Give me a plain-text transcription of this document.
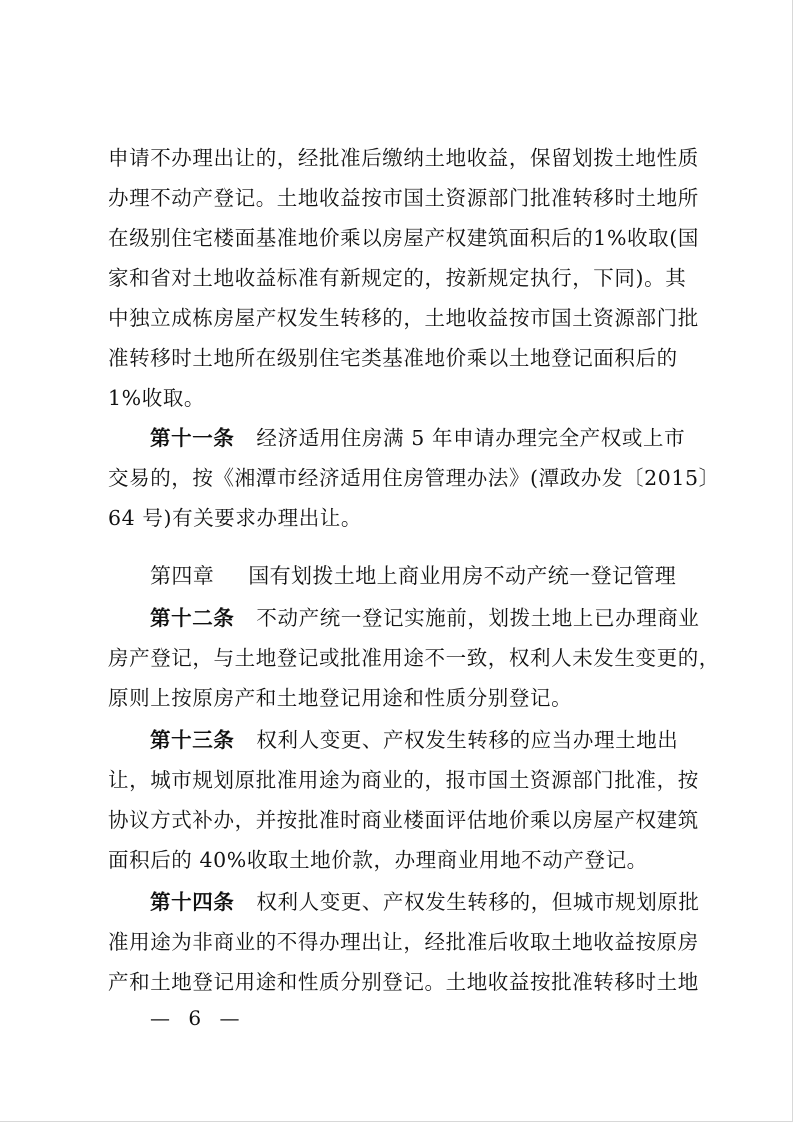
申请不办理出让的，经批准后缴纳土地收益，保留划拨土地性质
办理不动产登记。土地收益按市国土资源部门批准转移时土地所
在级别住宅楼面基准地价乘以房屋产权建筑面积后的1%收取(国
家和省对土地收益标准有新规定的，按新规定执行，下同)。其
中独立成栋房屋产权发生转移的，土地收益按市国土资源部门批
准转移时土地所在级别住宅类基准地价乘以土地登记面积后的
1%收取。
第十一条 经济适用住房满 5 年申请办理完全产权或上市
交易的，按《湘潭市经济适用住房管理办法》(潭政办发〔2015〕
64 号)有关要求办理出让。
第四章 国有划拨土地上商业用房不动产统一登记管理
第十二条 不动产统一登记实施前，划拨土地上已办理商业
房产登记，与土地登记或批准用途不一致，权利人未发生变更的，
原则上按原房产和土地登记用途和性质分别登记。
第十三条 权利人变更、产权发生转移的应当办理土地出
让，城市规划原批准用途为商业的，报市国土资源部门批准，按
协议方式补办，并按批准时商业楼面评估地价乘以房屋产权建筑
面积后的 40%收取土地价款，办理商业用地不动产登记。
第十四条 权利人变更、产权发生转移的，但城市规划原批
准用途为非商业的不得办理出让，经批准后收取土地收益按原房
— 6 —
产和土地登记用途和性质分别登记。土地收益按批准转移时土地
